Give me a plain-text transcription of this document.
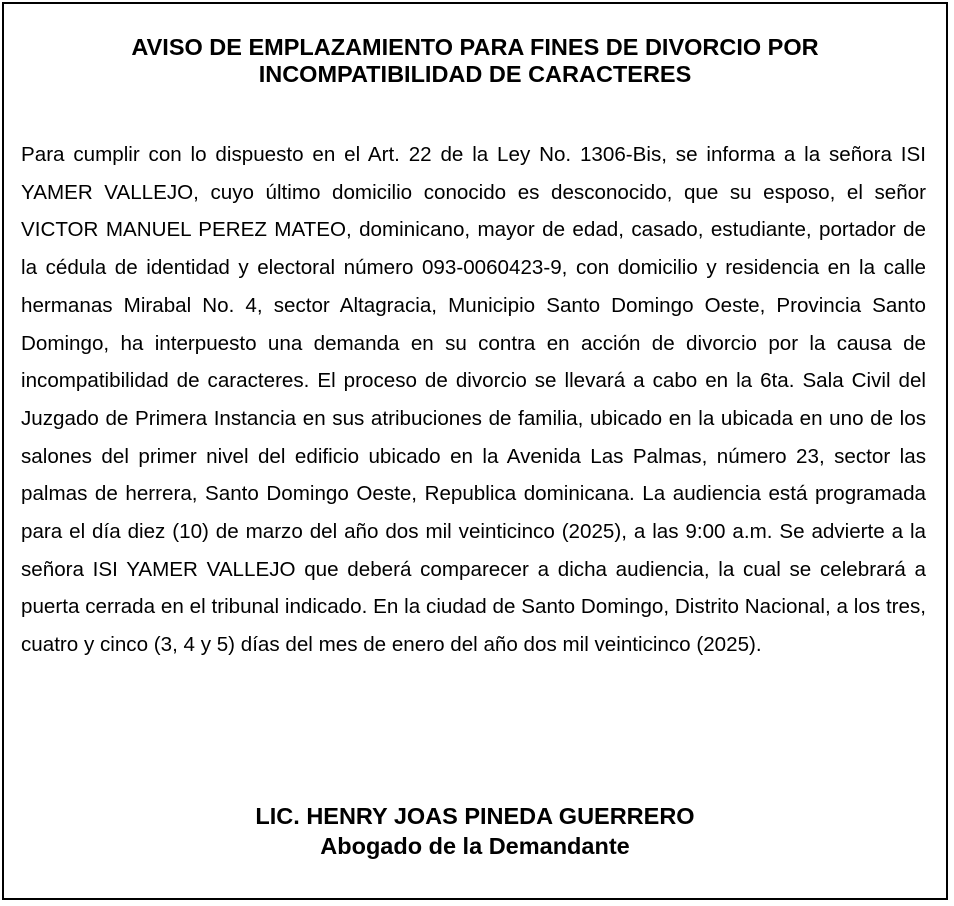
AVISO DE EMPLAZAMIENTO PARA FINES DE DIVORCIO POR
INCOMPATIBILIDAD DE CARACTERES

Para cumplir con lo dispuesto en el Art. 22 de la Ley No. 1306-Bis, se informa a la señora ISI YAMER VALLEJO, cuyo último domicilio conocido es desconocido, que su esposo, el señor VICTOR MANUEL PEREZ MATEO, dominicano, mayor de edad, casado, estudiante, portador de la cédula de identidad y electoral número 093-0060423-9, con domicilio y residencia en la calle hermanas Mirabal No. 4, sector Altagracia, Municipio Santo Domingo Oeste, Provincia Santo Domingo, ha interpuesto una demanda en su contra en acción de divorcio por la causa de incompatibilidad de caracteres. El proceso de divorcio se llevará a cabo en la 6ta. Sala Civil del Juzgado de Primera Instancia en sus atribuciones de familia, ubicado en la ubicada en uno de los salones del primer nivel del edificio ubicado en la Avenida Las Palmas, número 23, sector las palmas de herrera, Santo Domingo Oeste, Republica dominicana. La audiencia está programada para el día diez (10) de marzo del año dos mil veinticinco (2025), a las 9:00 a.m. Se advierte a la señora ISI YAMER VALLEJO que deberá comparecer a dicha audiencia, la cual se celebrará a puerta cerrada en el tribunal indicado. En la ciudad de Santo Domingo, Distrito Nacional, a los tres, cuatro y cinco (3, 4 y 5) días del mes de enero del año dos mil veinticinco (2025).

LIC. HENRY JOAS PINEDA GUERRERO
Abogado de la Demandante
